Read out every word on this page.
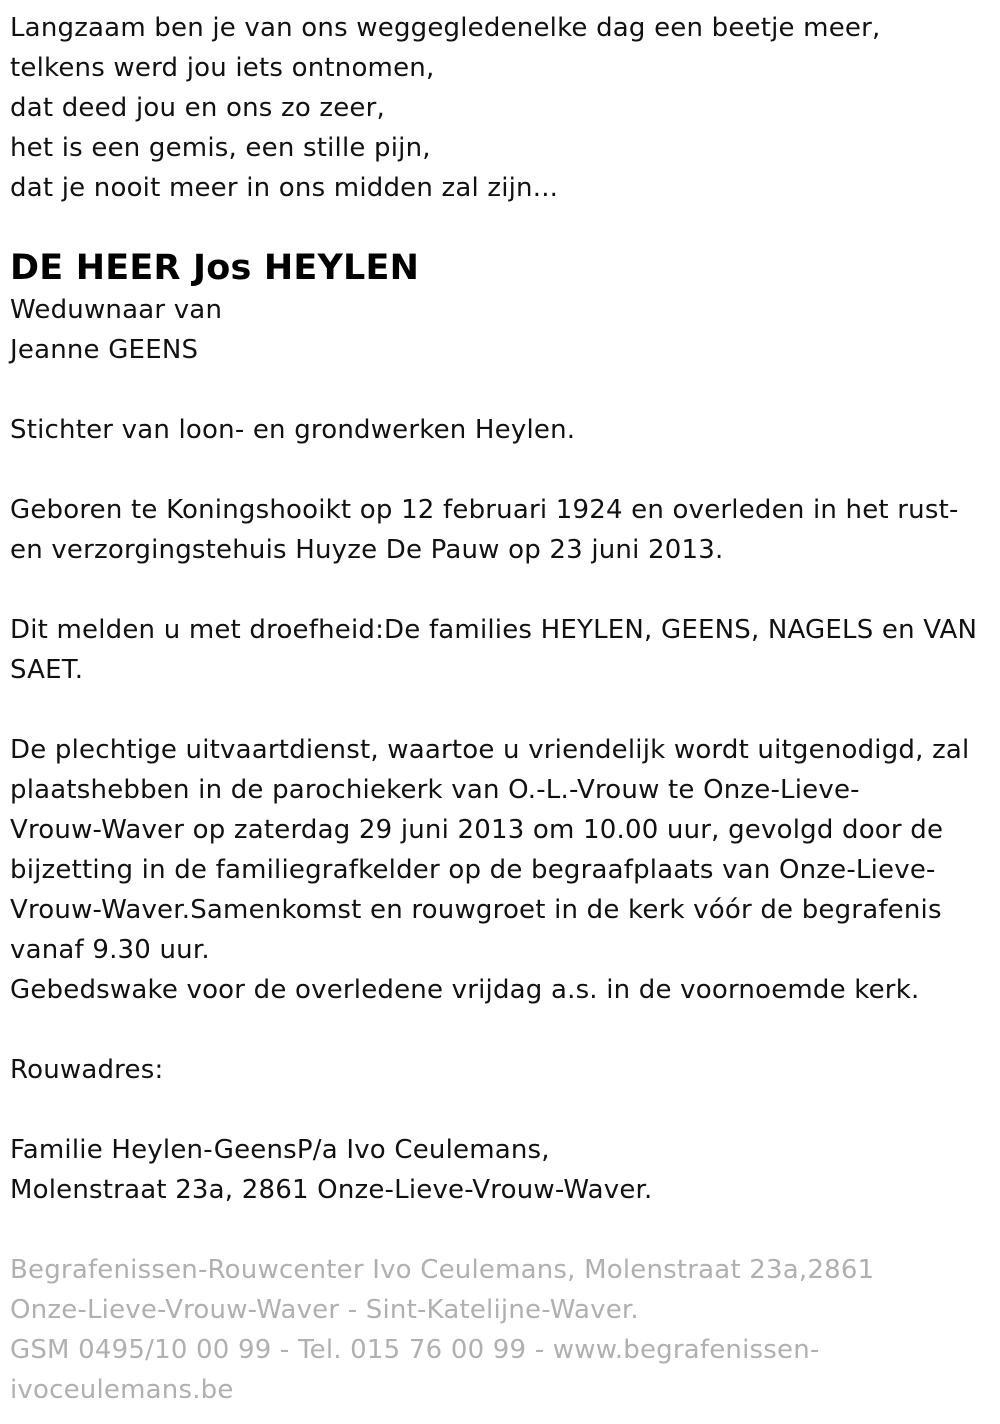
Langzaam ben je van ons weggegledenelke dag een beetje meer,
telkens werd jou iets ontnomen,
dat deed jou en ons zo zeer,
het is een gemis, een stille pijn,
dat je nooit meer in ons midden zal zijn...
DE HEER Jos HEYLEN
Weduwnaar van
Jeanne GEENS
Stichter van loon- en grondwerken Heylen.
Geboren te Koningshooikt op 12 februari 1924 en overleden in het rust-
en verzorgingstehuis Huyze De Pauw op 23 juni 2013.
Dit melden u met droefheid:De families HEYLEN, GEENS, NAGELS en VAN
SAET.
De plechtige uitvaartdienst, waartoe u vriendelijk wordt uitgenodigd, zal
plaatshebben in de parochiekerk van O.-L.-Vrouw te Onze-Lieve-
Vrouw-Waver op zaterdag 29 juni 2013 om 10.00 uur, gevolgd door de
bijzetting in de familiegrafkelder op de begraafplaats van Onze-Lieve-
Vrouw-Waver.Samenkomst en rouwgroet in de kerk vóór de begrafenis
vanaf 9.30 uur.
Gebedswake voor de overledene vrijdag a.s. in de voornoemde kerk.
Rouwadres:
Familie Heylen-GeensP/a Ivo Ceulemans,
Molenstraat 23a, 2861 Onze-Lieve-Vrouw-Waver.
Begrafenissen-Rouwcenter Ivo Ceulemans, Molenstraat 23a,2861
Onze-Lieve-Vrouw-Waver - Sint-Katelijne-Waver.
GSM 0495/10 00 99 - Tel. 015 76 00 99 - www.begrafenissen-
ivoceulemans.be
